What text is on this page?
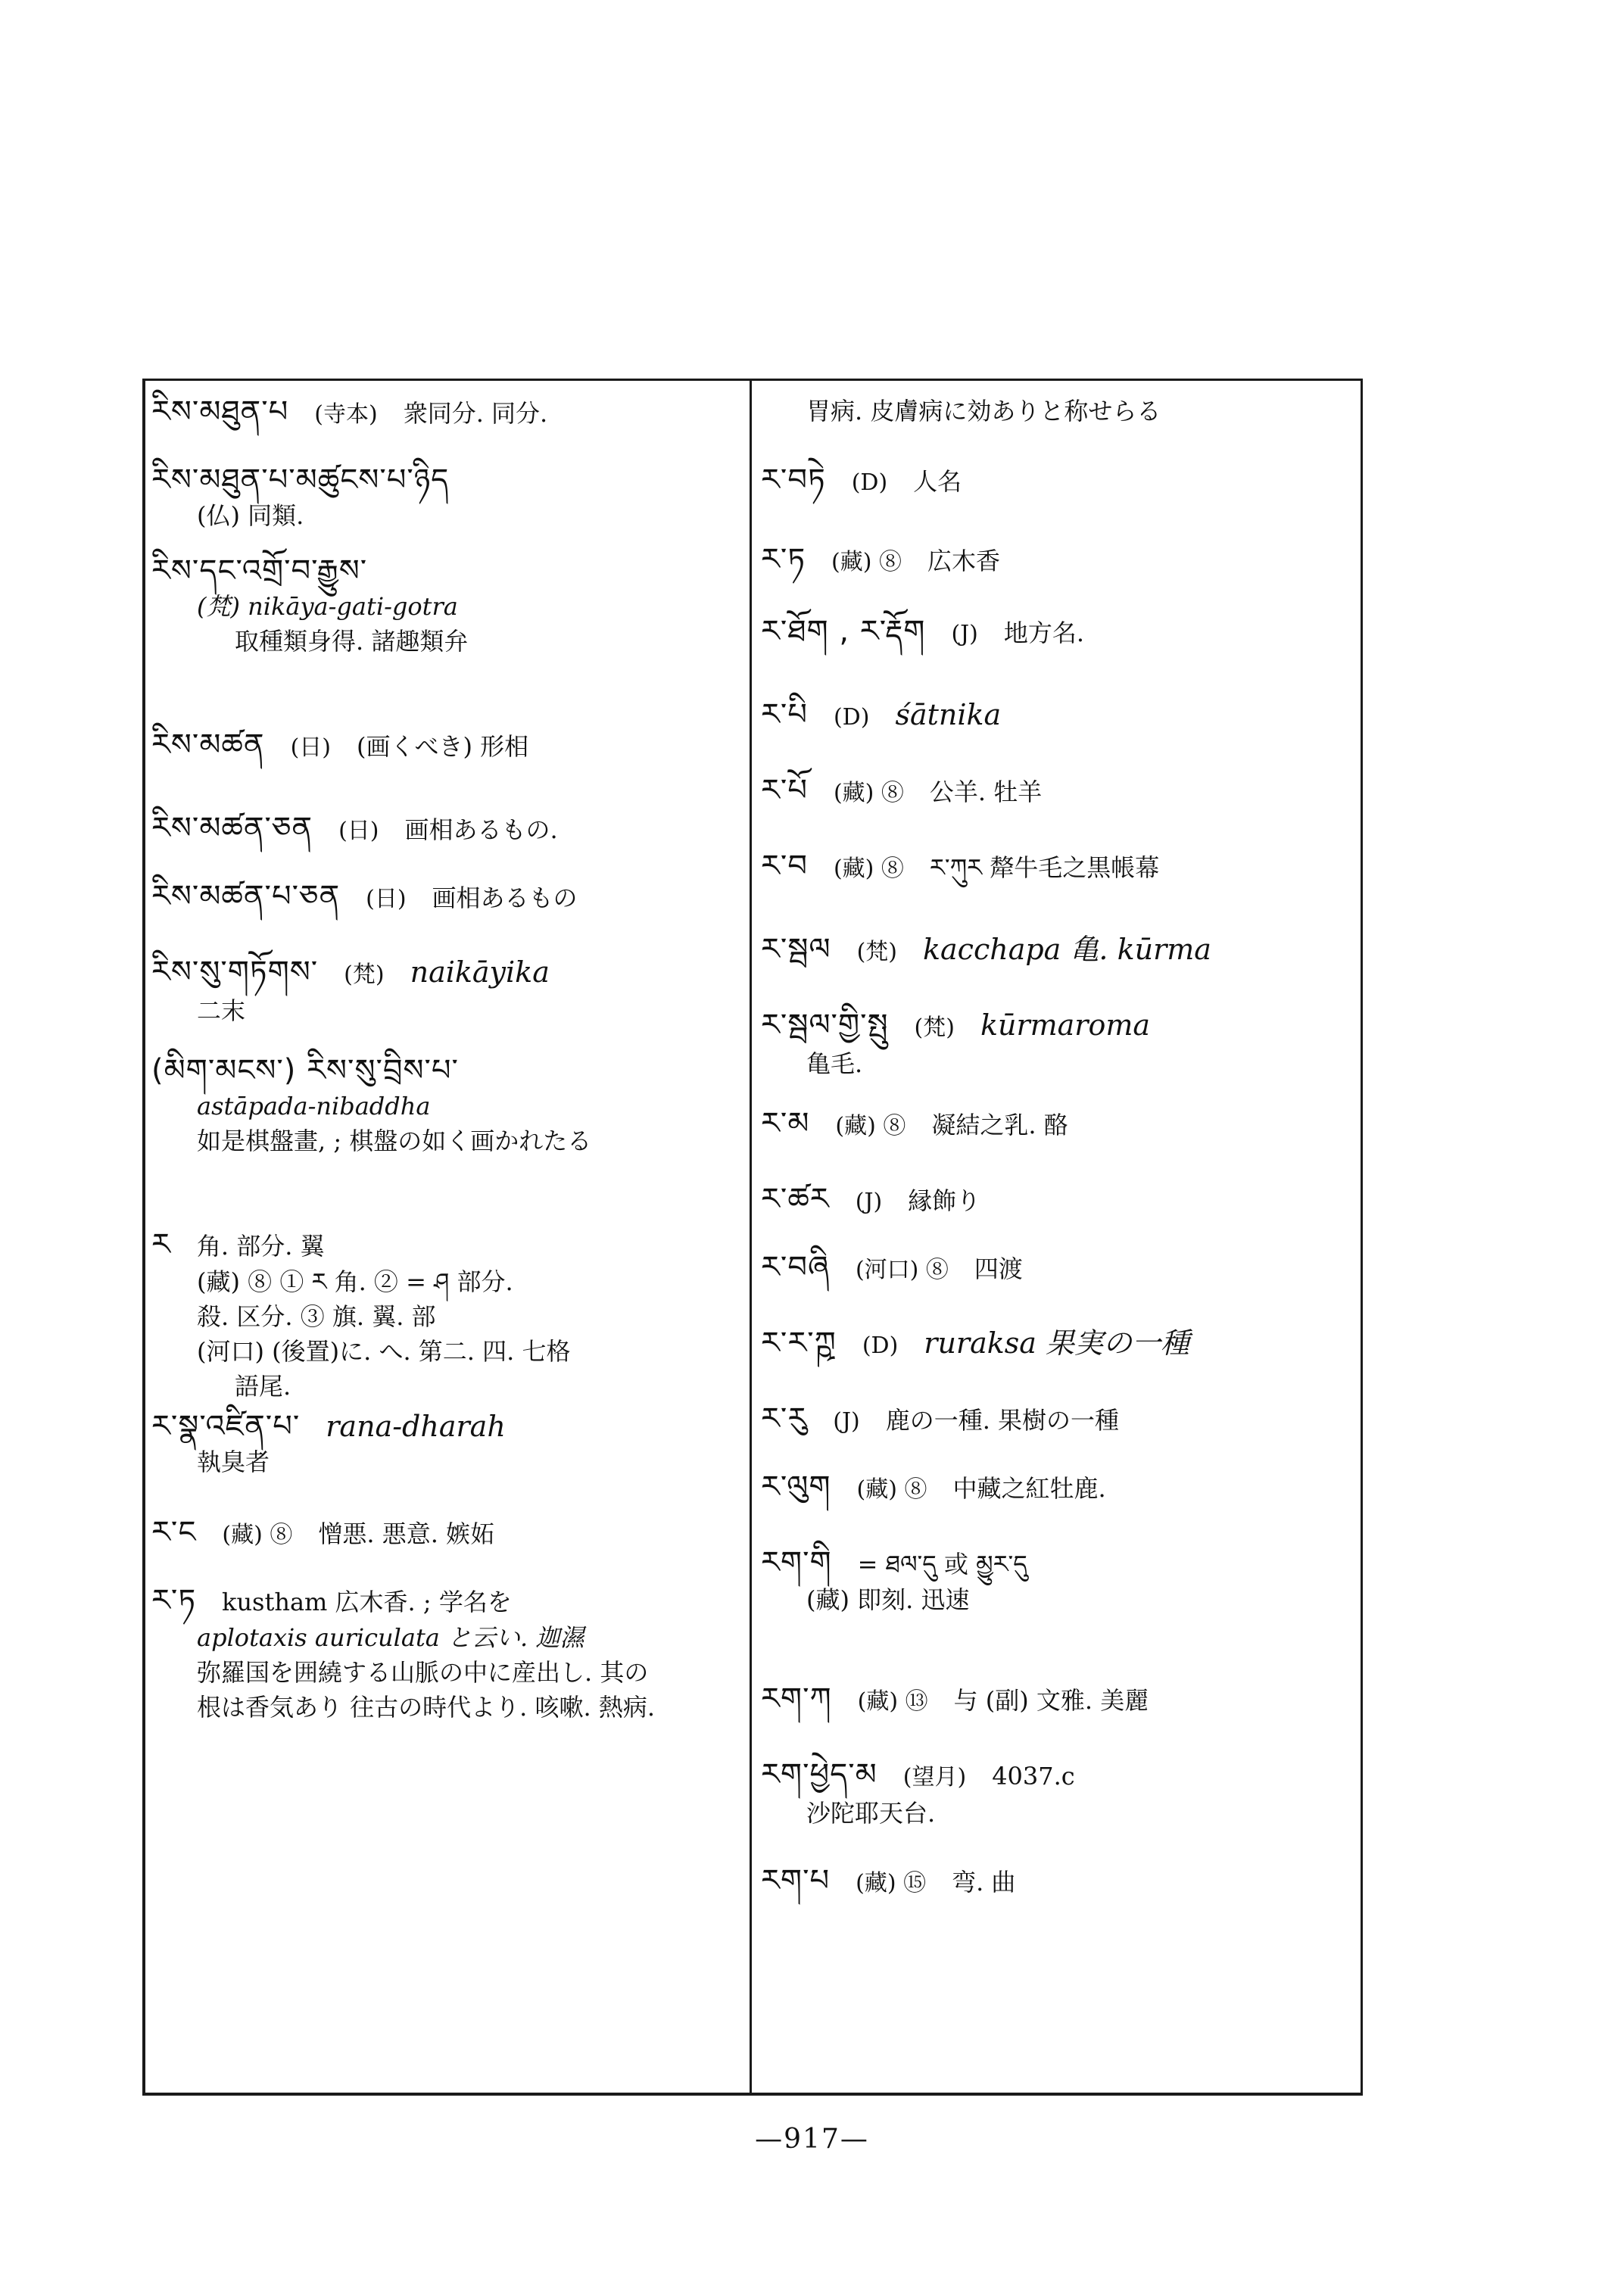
རིས་མཐུན་པ (寺本) 衆同分. 同分.
རིས་མཐུན་པ་མཚུངས་པ་ཉིད
(仏) 同類.
རིས་དང་འགྲོ་བ་རྒྱུས་
(梵) nikāya-gati-gotra
取種類身得. 諸趣類弁
རིས་མཚན (日) (画くべき) 形相
རིས་མཚན་ཅན (日) 画相あるもの.
རིས་མཚན་པ་ཅན (日) 画相あるもの
རིས་སུ་གཏོགས་ (梵) naikāyika
二末
(མིག་མངས་) རིས་སུ་བྲིས་པ་
astāpada-nibaddha
如是棋盤畫, ; 棋盤の如く画かれたる
ར 角. 部分. 翼
(藏) ⑧ ① ར 角. ② = ཤ 部分.
殺. 区分. ③ 旗. 翼. 部
(河口) (後置)に. へ. 第二. 四. 七格
語尾.
ར་སྣ་འཛིན་པ་ rana-dharah
執臭者
ར་ང (藏) ⑧ 憎悪. 悪意. 嫉妬
ར་ཏ kustham 広木香. ; 学名を
aplotaxis auriculata と云い. 迦濕
弥羅国を囲繞する山脈の中に産出し. 其の
根は香気あり 往古の時代より. 咳嗽. 熱病.
胃病. 皮膚病に効ありと称せらる
ར་བཏེ (D) 人名
ར་ཏ (藏) ⑧ 広木香
ར་ཐོག , ར་རྡོག (J) 地方名.
ར་པི (D) śātnika
ར་པོ (藏) ⑧ 公羊. 牡羊
ར་བ (藏) ⑧ ར་ཀུར 犛牛毛之黒帳幕
ར་སྦལ (梵) kacchapa 亀. kūrma
ར་སྦལ་གྱི་སྤུ (梵) kūrmaroma
亀毛.
ར་མ (藏) ⑧ 凝結之乳. 酪
ར་ཚར (J) 縁飾り
ར་བཞི (河口) ⑧ 四渡
ར་ར་ཀྵ (D) ruraksa 果実の一種
ར་རུ (J) 鹿の一種. 果樹の一種
ར་ལུག (藏) ⑧ 中藏之紅牡鹿.
རག་གི = ཐལ་དུ 或 མྱུར་དུ
(藏) 即刻. 迅速
རག་ཀ (藏) ⑬ 与 (副) 文雅. 美麗
རག་ཕྱེད་མ (望月) 4037.c
沙陀耶天台.
རག་པ (藏) ⑮ 弯. 曲
—917—
